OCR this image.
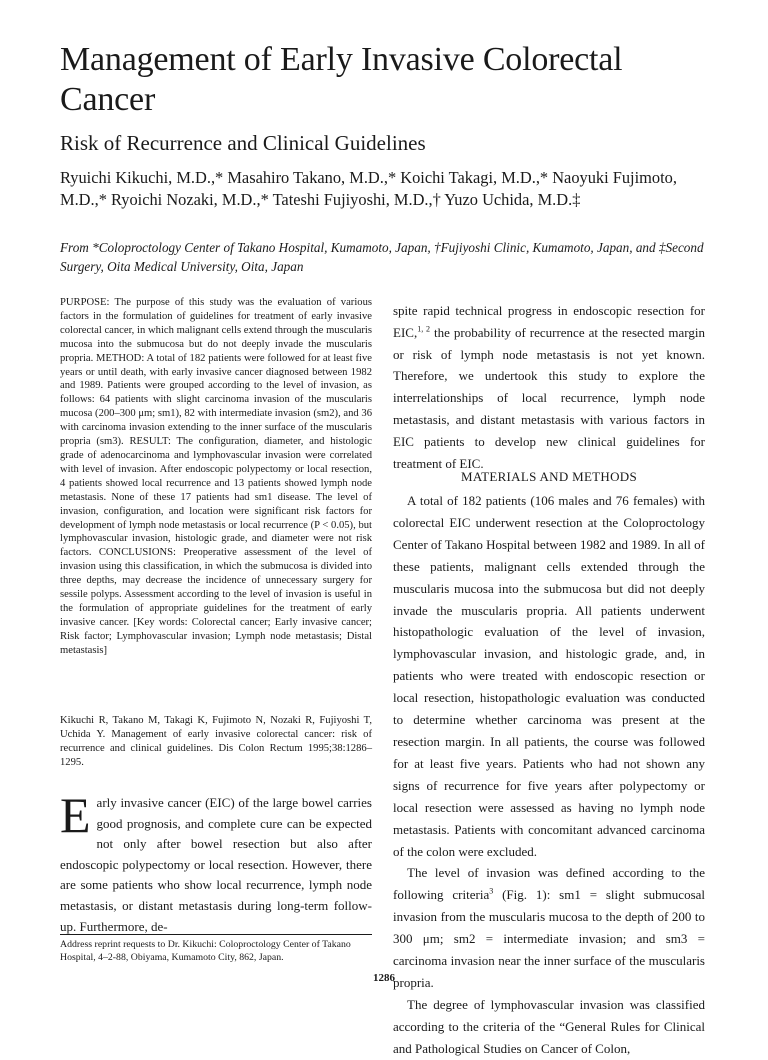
Management of Early Invasive Colorectal Cancer
Risk of Recurrence and Clinical Guidelines

Ryuichi Kikuchi, M.D.,* Masahiro Takano, M.D.,* Koichi Takagi, M.D.,* Naoyuki Fujimoto, M.D.,* Ryoichi Nozaki, M.D.,* Tateshi Fujiyoshi, M.D.,† Yuzo Uchida, M.D.‡

From *Coloproctology Center of Takano Hospital, Kumamoto, Japan, †Fujiyoshi Clinic, Kumamoto, Japan, and ‡Second Surgery, Oita Medical University, Oita, Japan

PURPOSE: The purpose of this study was the evaluation of various factors in the formulation of guidelines for treatment of early invasive colorectal cancer, in which malignant cells extend through the muscularis mucosa into the submucosa but do not deeply invade the muscularis propria. METHOD: A total of 182 patients were followed for at least five years or until death, with early invasive cancer diagnosed between 1982 and 1989. Patients were grouped according to the level of invasion, as follows: 64 patients with slight carcinoma invasion of the muscularis mucosa (200–300 μm; sm1), 82 with intermediate invasion (sm2), and 36 with carcinoma invasion extending to the inner surface of the muscularis propria (sm3). RESULT: The configuration, diameter, and histologic grade of adenocarcinoma and lymphovascular invasion were correlated with level of invasion. After endoscopic polypectomy or local resection, 4 patients showed local recurrence and 13 patients showed lymph node metastasis. None of these 17 patients had sm1 disease. The level of invasion, configuration, and location were significant risk factors for development of lymph node metastasis or local recurrence (P < 0.05), but lymphovascular invasion, histologic grade, and diameter were not risk factors. CONCLUSIONS: Preoperative assessment of the level of invasion using this classification, in which the submucosa is divided into three depths, may decrease the incidence of unnecessary surgery for sessile polyps. Assessment according to the level of invasion is useful in the formulation of appropriate guidelines for the treatment of early invasive cancer. [Key words: Colorectal cancer; Early invasive cancer; Risk factor; Lymphovascular invasion; Lymph node metastasis; Distal metastasis]

Kikuchi R, Takano M, Takagi K, Fujimoto N, Nozaki R, Fujiyoshi T, Uchida Y. Management of early invasive colorectal cancer: risk of recurrence and clinical guidelines. Dis Colon Rectum 1995;38:1286–1295.

Early invasive cancer (EIC) of the large bowel carries good prognosis, and complete cure can be expected not only after bowel resection but also after endoscopic polypectomy or local resection. However, there are some patients who show local recurrence, lymph node metastasis, or distant metastasis during long-term follow-up. Furthermore, de-

Address reprint requests to Dr. Kikuchi: Coloproctology Center of Takano Hospital, 4–2-88, Obiyama, Kumamoto City, 862, Japan.

spite rapid technical progress in endoscopic resection for EIC,$^{1, 2}$ the probability of recurrence at the resected margin or risk of lymph node metastasis is not yet known. Therefore, we undertook this study to explore the interrelationships of local recurrence, lymph node metastasis, and distant metastasis with various factors in EIC patients to develop new clinical guidelines for treatment of EIC.

MATERIALS AND METHODS

A total of 182 patients (106 males and 76 females) with colorectal EIC underwent resection at the Coloproctology Center of Takano Hospital between 1982 and 1989. In all of these patients, malignant cells extended through the muscularis mucosa into the submucosa but did not deeply invade the muscularis propria. All patients underwent histopathologic evaluation of the level of invasion, lymphovascular invasion, and histologic grade, and, in patients who were treated with endoscopic resection or local resection, histopathologic evaluation was conducted to determine whether carcinoma was present at the resection margin. In all patients, the course was followed for at least five years. Patients who had not shown any signs of recurrence for five years after polypectomy or local resection were assessed as having no lymph node metastasis. Patients with concomitant advanced carcinoma of the colon were excluded.

The level of invasion was defined according to the following criteria$^3$ (Fig. 1): sm1 = slight submucosal invasion from the muscularis mucosa to the depth of 200 to 300 μm; sm2 = intermediate invasion; and sm3 = carcinoma invasion near the inner surface of the muscularis propria.

The degree of lymphovascular invasion was classified according to the criteria of the “General Rules for Clinical and Pathological Studies on Cancer of Colon,

1286
